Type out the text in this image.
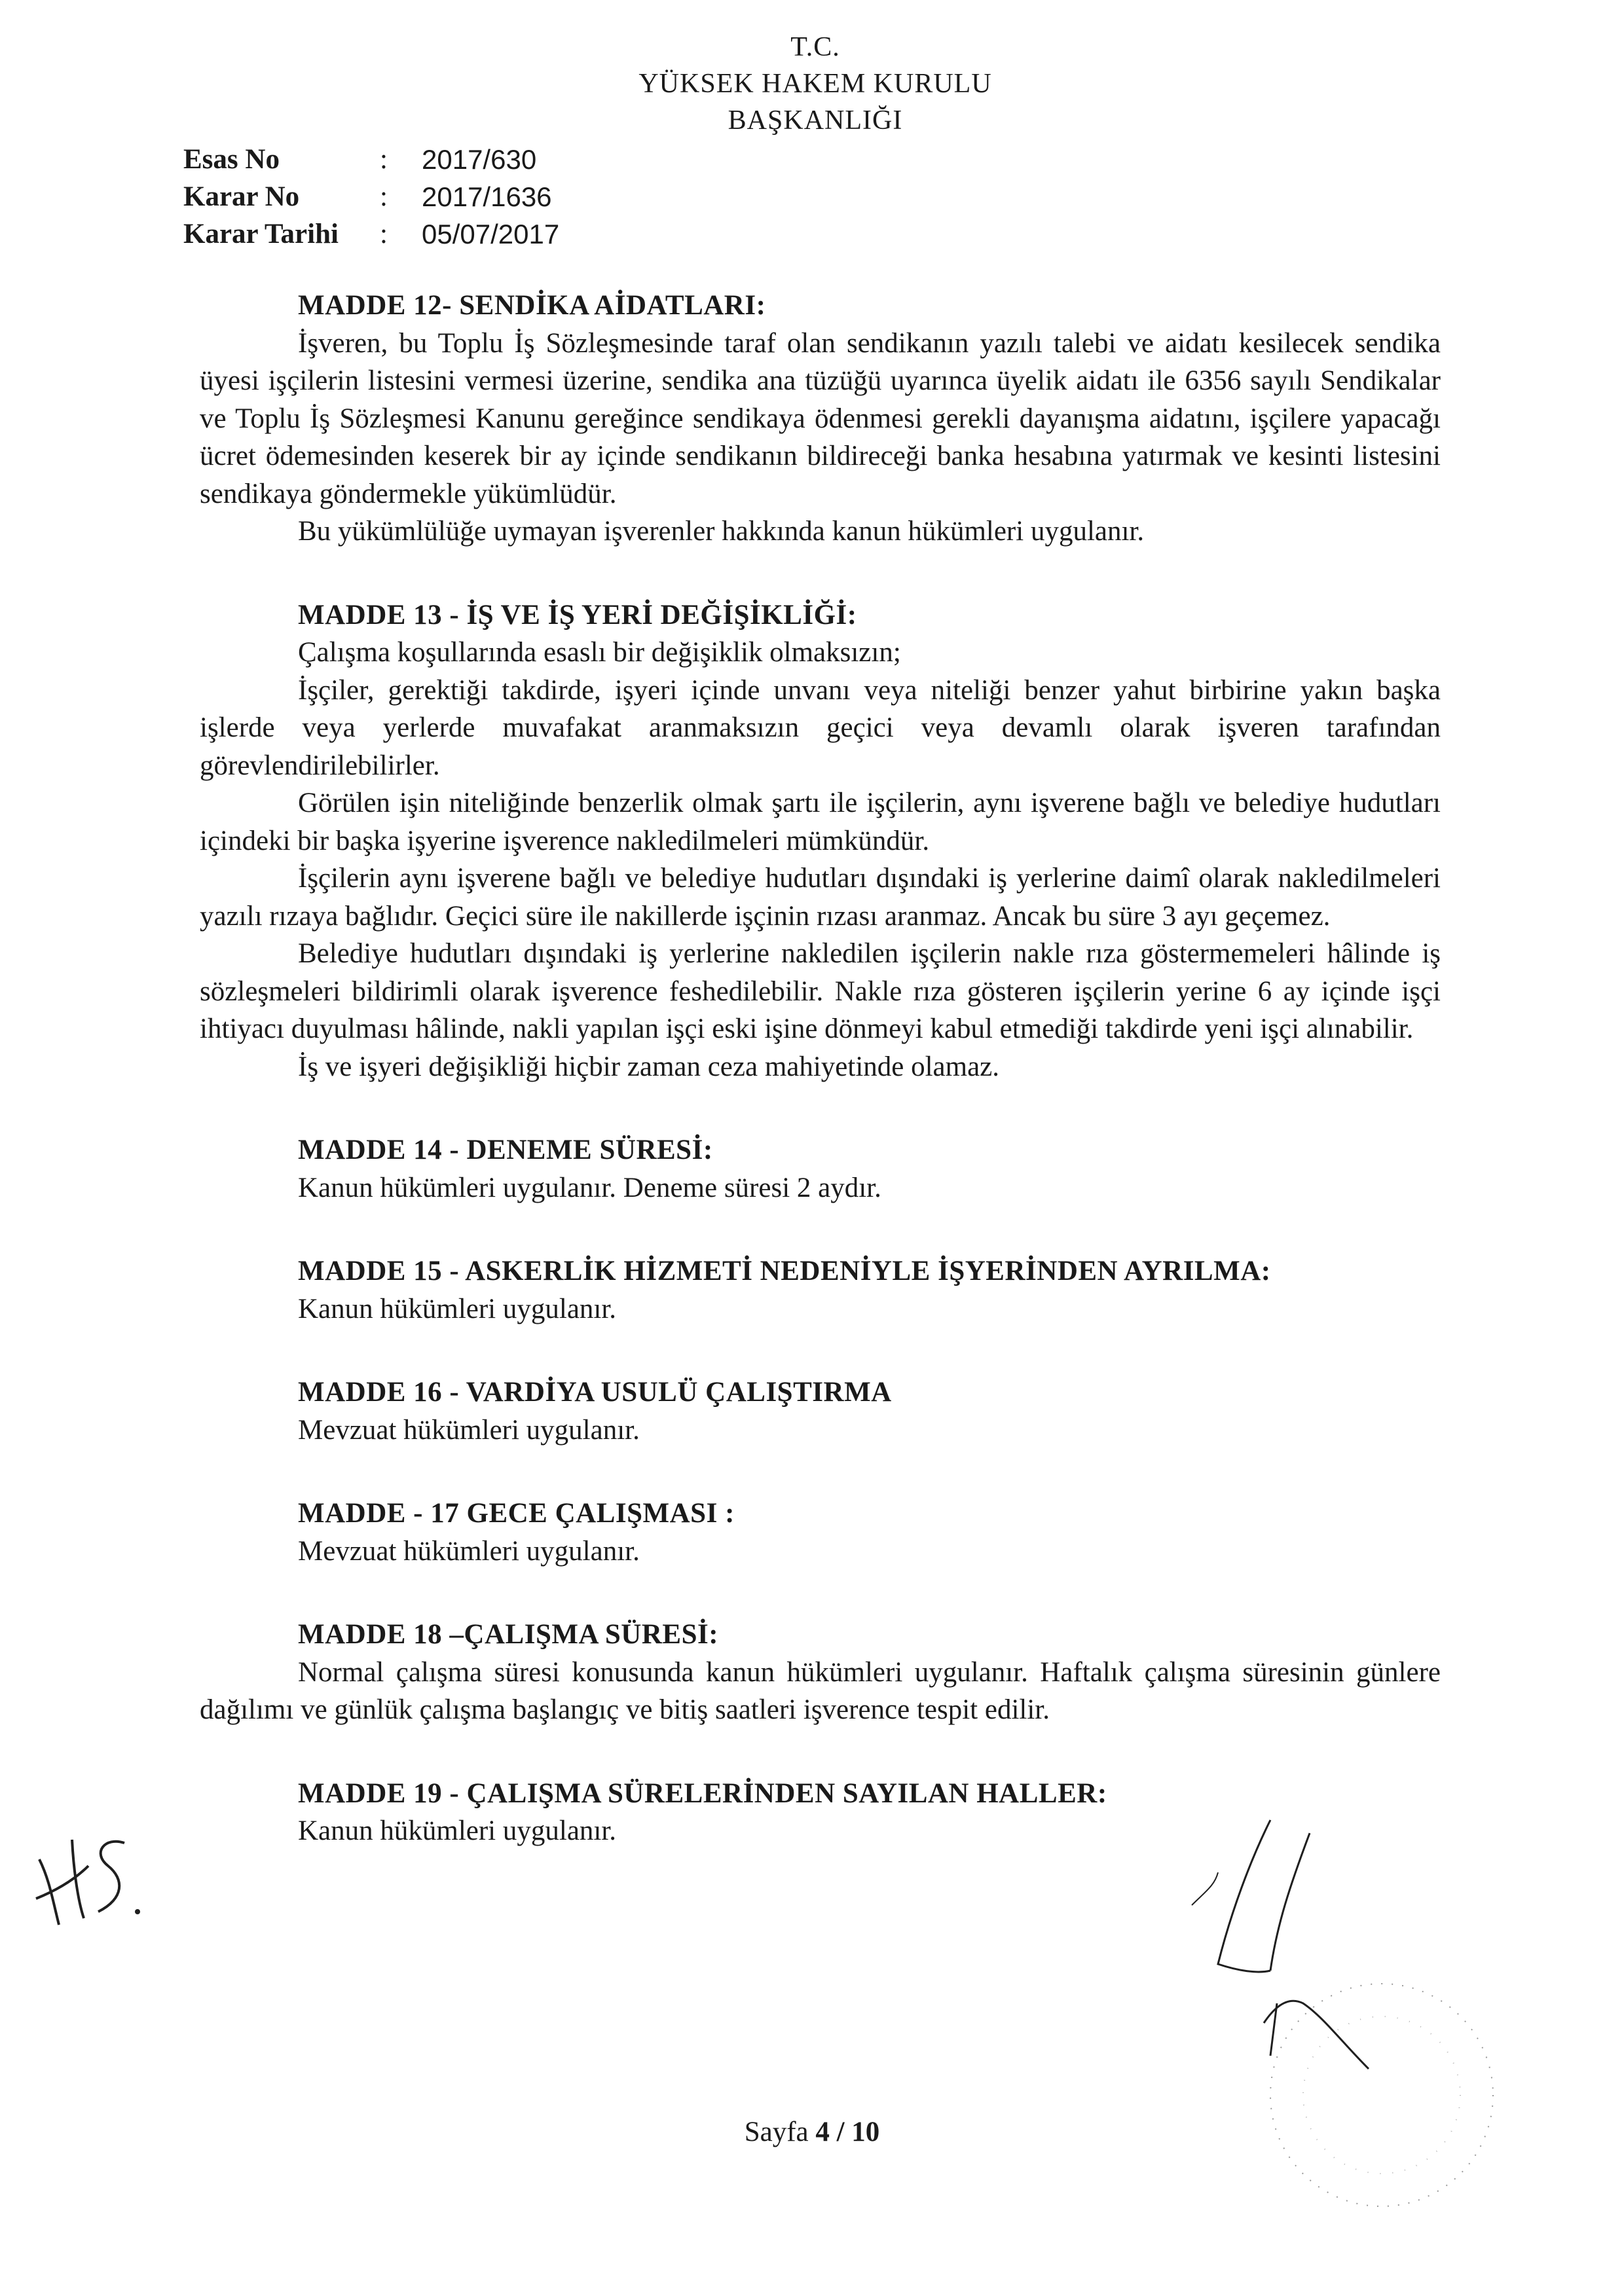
T.C.
YÜKSEK HAKEM KURULU
BAŞKANLIĞI
Esas No	:	2017/630
Karar No	:	2017/1636
Karar Tarihi	:	05/07/2017
MADDE 12- SENDİKA AİDATLARI:

İşveren, bu Toplu İş Sözleşmesinde taraf olan sendikanın yazılı talebi ve aidatı kesilecek sendika üyesi işçilerin listesini vermesi üzerine, sendika ana tüzüğü uyarınca üyelik aidatı ile 6356 sayılı Sendikalar ve Toplu İş Sözleşmesi Kanunu gereğince sendikaya ödenmesi gerekli dayanışma aidatını, işçilere yapacağı ücret ödemesinden keserek bir ay içinde sendikanın bildireceği banka hesabına yatırmak ve kesinti listesini sendikaya göndermekle yükümlüdür.

Bu yükümlülüğe uymayan işverenler hakkında kanun hükümleri uygulanır.

MADDE 13 - İŞ VE İŞ YERİ DEĞİŞİKLİĞİ:

Çalışma koşullarında esaslı bir değişiklik olmaksızın;

İşçiler, gerektiği takdirde, işyeri içinde unvanı veya niteliği benzer yahut birbirine yakın başka işlerde veya yerlerde muvafakat aranmaksızın geçici veya devamlı olarak işveren tarafından görevlendirilebilirler.

Görülen işin niteliğinde benzerlik olmak şartı ile işçilerin, aynı işverene bağlı ve belediye hudutları içindeki bir başka işyerine işverence nakledilmeleri mümkündür.

İşçilerin aynı işverene bağlı ve belediye hudutları dışındaki iş yerlerine daimî olarak nakledilmeleri yazılı rızaya bağlıdır. Geçici süre ile nakillerde işçinin rızası aranmaz. Ancak bu süre 3 ayı geçemez.

Belediye hudutları dışındaki iş yerlerine nakledilen işçilerin nakle rıza göstermemeleri hâlinde iş sözleşmeleri bildirimli olarak işverence feshedilebilir. Nakle rıza gösteren işçilerin yerine 6 ay içinde işçi ihtiyacı duyulması hâlinde, nakli yapılan işçi eski işine dönmeyi kabul etmediği takdirde yeni işçi alınabilir.

İş ve işyeri değişikliği hiçbir zaman ceza mahiyetinde olamaz.

MADDE 14 - DENEME SÜRESİ:

Kanun hükümleri uygulanır. Deneme süresi 2 aydır.

MADDE 15 - ASKERLİK HİZMETİ NEDENİYLE İŞYERİNDEN AYRILMA:

Kanun hükümleri uygulanır.

MADDE 16 - VARDİYA USULÜ ÇALIŞTIRMA

Mevzuat hükümleri uygulanır.

MADDE - 17 GECE ÇALIŞMASI :

Mevzuat hükümleri uygulanır.

MADDE 18 –ÇALIŞMA SÜRESİ:

Normal çalışma süresi konusunda kanun hükümleri uygulanır. Haftalık çalışma süresinin günlere dağılımı ve günlük çalışma başlangıç ve bitiş saatleri işverence tespit edilir.

MADDE 19 - ÇALIŞMA SÜRELERİNDEN SAYILAN HALLER:

Kanun hükümleri uygulanır.

Sayfa 4 / 10
